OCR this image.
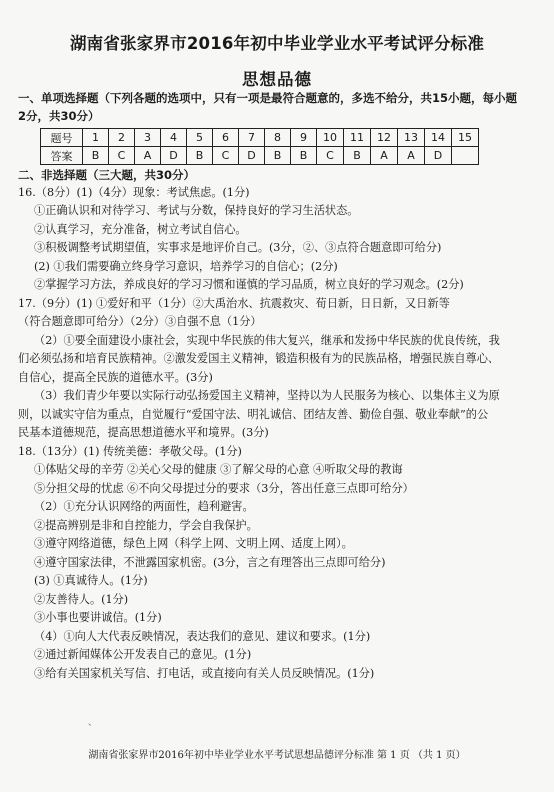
湖南省张家界市2016年初中毕业学业水平考试评分标准
思想品德
一、单项选择题（下列各题的选项中，只有一项是最符合题意的，多选不给分，共15小题，每小题
2分，共30分）
题号	1	2	3	4	5	6	7	8	9	10	11	12	13	14	15
答案	B	C	A	D	B	C	D	B	B	C	B	A	A	D	
二、非选择题（三大题，共30分）
16.（8分）(1)（4分）现象：考试焦虑。(1分)
①正确认识和对待学习、考试与分数，保持良好的学习生活状态。
②认真学习，充分准备，树立考试自信心。
③积极调整考试期望值，实事求是地评价自己。(3分，②、③点符合题意即可给分)
(2) ①我们需要确立终身学习意识，培养学习的自信心；(2分)
②掌握学习方法，养成良好的学习习惯和谨慎的学习品质，树立良好的学习观念。(2分)
17.（9分）(1) ①爱好和平（1分）②大禹治水、抗震救灾、荀日新，日日新，又日新等
（符合题意即可给分）（2分）③自强不息（1分）
（2）①要全面建设小康社会，实现中华民族的伟大复兴，继承和发扬中华民族的优良传统，我
们必须弘扬和培育民族精神。②激发爱国主义精神，锻造积极有为的民族品格，增强民族自尊心、
自信心，提高全民族的道德水平。(3分)
（3）我们青少年要以实际行动弘扬爱国主义精神，坚持以为人民服务为核心、以集体主义为原
则，以诚实守信为重点，自觉履行“爱国守法、明礼诚信、团结友善、勤俭自强、敬业奉献”的公
民基本道德规范，提高思想道德水平和境界。(3分)
18.（13分）(1) 传统美德：孝敬父母。(1分)
①体贴父母的辛劳 ②关心父母的健康 ③了解父母的心意 ④听取父母的教诲
⑤分担父母的忧虑 ⑥不向父母提过分的要求（3分，答出任意三点即可给分）
（2）①充分认识网络的两面性，趋利避害。
②提高辨别是非和自控能力，学会自我保护。
③遵守网络道德，绿色上网（科学上网、文明上网、适度上网）。
④遵守国家法律，不泄露国家机密。(3分，言之有理答出三点即可给分)
(3) ①真诚待人。(1分)
②友善待人。(1分)
③小事也要讲诚信。(1分)
（4）①向人大代表反映情况，表达我们的意见、建议和要求。(1分)
②通过新闻媒体公开发表自己的意见。(1分)
③给有关国家机关写信、打电话，或直接向有关人员反映情况。(1分)
、
湖南省张家界市2016年初中毕业学业水平考试思想品德评分标准 第 1 页 （共 1 页）
